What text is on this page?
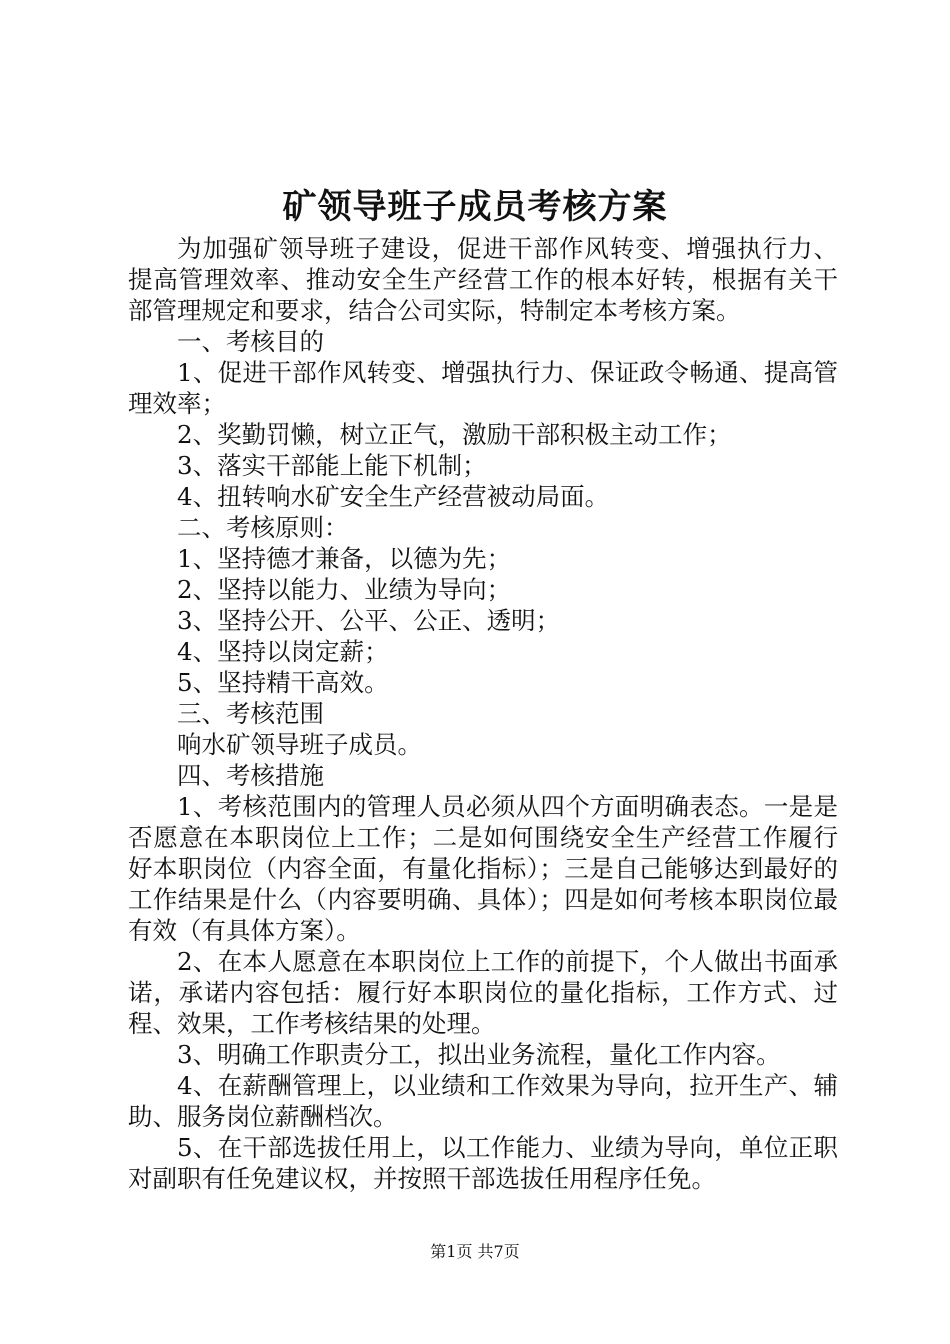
矿领导班子成员考核方案

为加强矿领导班子建设，促进干部作风转变、增强执行力、提高管理效率、推动安全生产经营工作的根本好转，根据有关干部管理规定和要求，结合公司实际，特制定本考核方案。

一、考核目的

1、促进干部作风转变、增强执行力、保证政令畅通、提高管理效率；

2、奖勤罚懒，树立正气，激励干部积极主动工作；

3、落实干部能上能下机制；

4、扭转响水矿安全生产经营被动局面。

二、考核原则：

1、坚持德才兼备，以德为先；

2、坚持以能力、业绩为导向；

3、坚持公开、公平、公正、透明；

4、坚持以岗定薪；

5、坚持精干高效。

三、考核范围

响水矿领导班子成员。

四、考核措施

1、考核范围内的管理人员必须从四个方面明确表态。一是是否愿意在本职岗位上工作；二是如何围绕安全生产经营工作履行好本职岗位（内容全面，有量化指标）；三是自己能够达到最好的工作结果是什么（内容要明确、具体）；四是如何考核本职岗位最有效（有具体方案）。

2、在本人愿意在本职岗位上工作的前提下，个人做出书面承诺，承诺内容包括：履行好本职岗位的量化指标，工作方式、过程、效果，工作考核结果的处理。

3、明确工作职责分工，拟出业务流程，量化工作内容。

4、在薪酬管理上，以业绩和工作效果为导向，拉开生产、辅助、服务岗位薪酬档次。

5、在干部选拔任用上，以工作能力、业绩为导向，单位正职对副职有任免建议权，并按照干部选拔任用程序任免。

第1页 共7页
